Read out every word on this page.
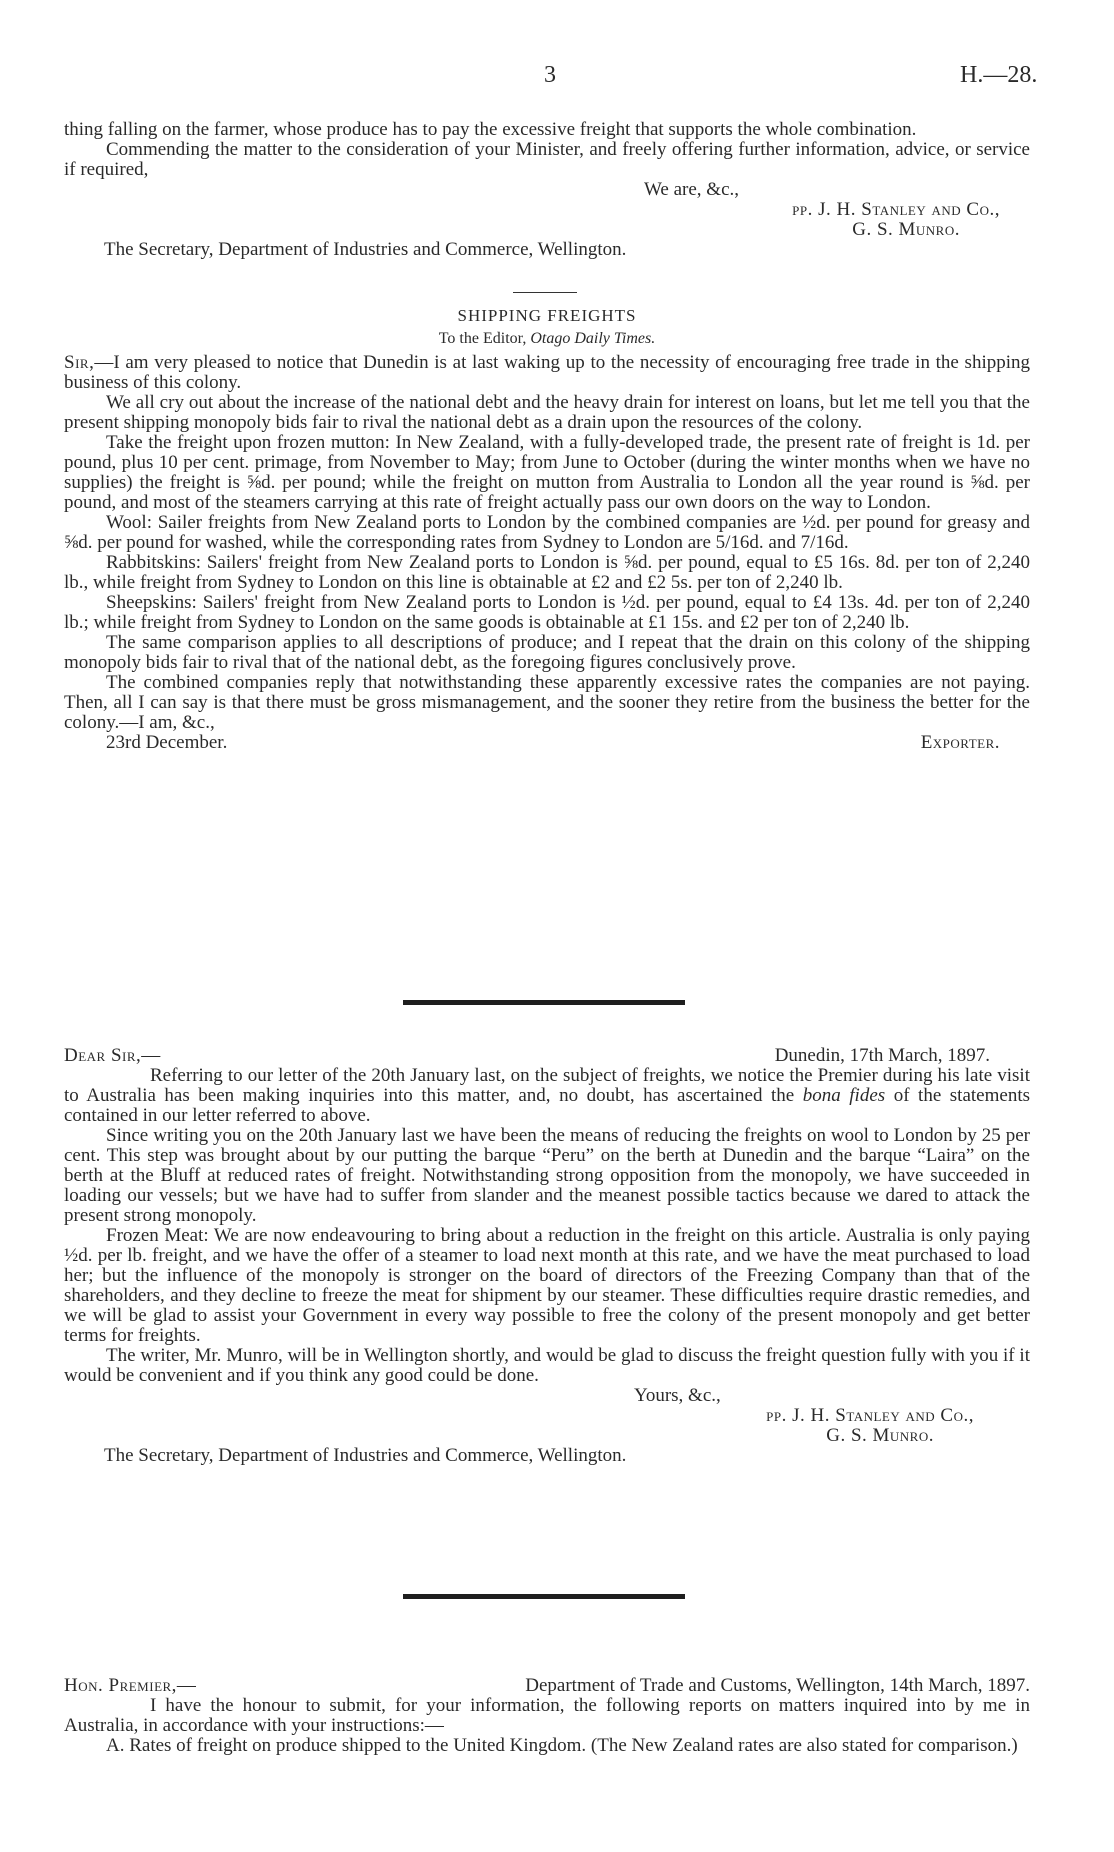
3	H.—28.

thing falling on the farmer, whose produce has to pay the excessive freight that supports the whole combination.

Commending the matter to the consideration of your Minister, and freely offering further information, advice, or service if required,

We are, &c.,
pp. J. H. Stanley and Co.,
G. S. Munro.
The Secretary, Department of Industries and Commerce, Wellington.
SHIPPING FREIGHTS
To the Editor, Otago Daily Times.

Sir,—I am very pleased to notice that Dunedin is at last waking up to the necessity of encouraging free trade in the shipping business of this colony.

We all cry out about the increase of the national debt and the heavy drain for interest on loans, but let me tell you that the present shipping monopoly bids fair to rival the national debt as a drain upon the resources of the colony.

Take the freight upon frozen mutton: In New Zealand, with a fully-developed trade, the present rate of freight is 1d. per pound, plus 10 per cent. primage, from November to May; from June to October (during the winter months when we have no supplies) the freight is ⅝d. per pound; while the freight on mutton from Australia to London all the year round is ⅝d. per pound, and most of the steamers carrying at this rate of freight actually pass our own doors on the way to London.

Wool: Sailer freights from New Zealand ports to London by the combined companies are ½d. per pound for greasy and ⅝d. per pound for washed, while the corresponding rates from Sydney to London are 5/16d. and 7/16d.

Rabbitskins: Sailers' freight from New Zealand ports to London is ⅝d. per pound, equal to £5 16s. 8d. per ton of 2,240 lb., while freight from Sydney to London on this line is obtainable at £2 and £2 5s. per ton of 2,240 lb.

Sheepskins: Sailers' freight from New Zealand ports to London is ½d. per pound, equal to £4 13s. 4d. per ton of 2,240 lb.; while freight from Sydney to London on the same goods is obtainable at £1 15s. and £2 per ton of 2,240 lb.

The same comparison applies to all descriptions of produce; and I repeat that the drain on this colony of the shipping monopoly bids fair to rival that of the national debt, as the foregoing figures conclusively prove.

The combined companies reply that notwithstanding these apparently excessive rates the companies are not paying. Then, all I can say is that there must be gross mismanagement, and the sooner they retire from the business the better for the colony.—I am, &c.,

23rd December.	Exporter.
Dear Sir,—	Dunedin, 17th March, 1897.

Referring to our letter of the 20th January last, on the subject of freights, we notice the Premier during his late visit to Australia has been making inquiries into this matter, and, no doubt, has ascertained the bona fides of the statements contained in our letter referred to above.

Since writing you on the 20th January last we have been the means of reducing the freights on wool to London by 25 per cent. This step was brought about by our putting the barque “Peru” on the berth at Dunedin and the barque “Laira” on the berth at the Bluff at reduced rates of freight. Notwithstanding strong opposition from the monopoly, we have succeeded in loading our vessels; but we have had to suffer from slander and the meanest possible tactics because we dared to attack the present strong monopoly.

Frozen Meat: We are now endeavouring to bring about a reduction in the freight on this article. Australia is only paying ½d. per lb. freight, and we have the offer of a steamer to load next month at this rate, and we have the meat purchased to load her; but the influence of the monopoly is stronger on the board of directors of the Freezing Company than that of the shareholders, and they decline to freeze the meat for shipment by our steamer. These difficulties require drastic remedies, and we will be glad to assist your Government in every way possible to free the colony of the present monopoly and get better terms for freights.

The writer, Mr. Munro, will be in Wellington shortly, and would be glad to discuss the freight question fully with you if it would be convenient and if you think any good could be done.

Yours, &c.,
pp. J. H. Stanley and Co.,
G. S. Munro.
The Secretary, Department of Industries and Commerce, Wellington.
Hon. Premier,—	Department of Trade and Customs, Wellington, 14th March, 1897.

I have the honour to submit, for your information, the following reports on matters inquired into by me in Australia, in accordance with your instructions:—

A. Rates of freight on produce shipped to the United Kingdom. (The New Zealand rates are also stated for comparison.)
